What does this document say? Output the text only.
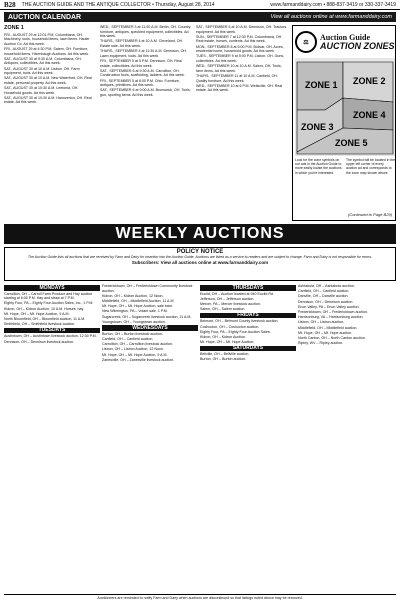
B28 THE AUCTION GUIDE AND THE ANTIQUE COLLECTOR • Thursday, August 28, 2014	www.farmanddairy.com • 888-837-3419 or 330-337-3419
AUCTION CALENDAR	View all auctions online at www.farmanddairy.com
ZONE 1

FRI., AUGUST 29 at 12:01 P.M. Columbiana, OH. Machinery, tools, household items, lawn items. Hauler Auction Co. Ad this week.

FRI., AUGUST 29 at 4:30 P.M. Salem, OH. Furniture, household items. Hixenbaugh Auctions. Ad this week.

SAT., AUGUST 30 at 9:30 A.M. Columbiana, OH. Antiques, collectibles. Ad this week.

SAT., AUGUST 30 at 10 A.M. Lisbon, OH. Farm equipment, tools. Ad this week.

SAT., AUGUST 30 at 10 A.M. New Waterford, OH. Real estate, personal property. Ad this week.

SAT., AUGUST 30 at 10:30 A.M. Leetonia, OH. Household goods. Ad this week.

SAT., AUGUST 30 at 10:30 A.M. Hanoverton, OH. Real estate. Ad this week.

WED., SEPTEMBER 3 at 11:00 A.M. Berlin, OH. Country furniture, antiques, speckled equipment, collectibles. Ad this week.

THURS., SEPTEMBER 4 at 10 A.M. Cleveland, OH. Estate sale. Ad this week.

THURS., SEPTEMBER 4 at 11:30 A.M. Dennison, OH. Lawn equipment, tools. Ad this week.

FRI., SEPTEMBER 5 at 5 P.M. Dennison, OH. Real estate, collectibles. Ad this week.

SAT., SEPTEMBER 6 at 9:30 A.M. Carrollton, OH. Construction tools, scaffolding, ladders. Ad this week.

FRI., SEPTEMBER 5 at 6:00 P.M. Ohio. Furniture, antiques, primitives. Ad this week.

SAT., SEPTEMBER 6 at 9:00 A.M. Brunswick, OH. Tools, gun, sporting items. Ad this week.

SAT., SEPTEMBER 6 at 10 A.M. Dennison, OH. Tractors, equipment. Ad this week.

SUN., SEPTEMBER 7 at 12:30 P.M. Columbiana, OH. Real estate, horses, contents. Ad this week.

MON., SEPTEMBER 8 at 5:00 P.M. Bolivar, OH. Acres, residential home, household goods. Ad this week.

TUES., SEPTEMBER 9 at 5:00 P.M. Lisbon, OH. Guns, collectibles. Ad this week.

WED., SEPTEMBER 10 at 10 A.M. Salem, OH. Tools, farm items. Ad this week.

THURS., SEPTEMBER 11 at 10 A.M. Canfield, OH. Quality furniture. Ad this week.

WED., SEPTEMBER 10 at 6 P.M. Wellsville, OH. Real estate. Ad this week.

⚖
Auction Guide
AUCTION ZONES
ZONE 1 ZONE 2
ZONE 3
ZONE 4
ZONE 5
Look for the zone symbols on our ads in the Auction Guide to more easily locate the auctions in which you're interested.
The symbol will be located in the upper left corner of every auction ad and corresponds to the zone map shown above.
(Continued to Page B29)
WEEKLY AUCTIONS
POLICY NOTICE
The Auction Guide lists all auctions that are received by Farm and Dairy for insertion into the Auction Guide. Auctions are listed as a service to readers and are subject to change. Farm and Dairy is not responsible for errors.
Subscribers: View all auctions online at www.farmanddairy.com
MONDAYS

Carrollton, OH – Carroll Farm Produce and Hay auction starting at 6:00 P.M. Hay and straw at 7 P.M.

Eighty Four, PA – Eighty Four Auction Sales, Inc., 1 P.M.

Kidron, OH – Kidron Auction, 10 A.M. Horses, hay.

Mt. Hope, OH – Mt. Hope Auction, 9 A.M.

North Bloomfield, OH – Bloomfield auction, 11 A.M.

Smithfield, OH – Smithfield livestock auction.

TUESDAYS

Austintown, OH – Austintown livestock auction, 12:30 P.M.

Dennison, OH – Dennison livestock auction.

Fredericktown, OH – Fredericktown Community livestock auction.

Kidron, OH – Kidron Auction, 12 Noon.

Middlefield, OH – Middlefield Auction, 11 A.M.

Mt. Hope, OH – Mt. Hope Auction, sale barn.

New Wilmington, PA – Volant sale, 1 P.M.

Sugarcreek, OH – Sugarcreek livestock auction, 11 A.M.

Youngstown, OH – Youngstown auction.

WEDNESDAYS

Burton, OH – Burton livestock auction.

Canfield, OH – Canfield auction.

Carrollton, OH – Carrollton livestock auction.

Lisbon, OH – Lisbon Auction, 12 Noon.

Mt. Hope, OH – Mt. Hope Auction, 9 A.M.

Zanesville, OH – Zanesville livestock auction.

THURSDAYS

Euclid, OH – Auction located at 940 Euclid Rd.

Jefferson, OH – Jefferson auction.

Mercer, PA – Mercer livestock auction.

Salem, OH – Salem auction.

FRIDAYS

Belmont, OH – Belmont County livestock auction.

Coshocton, OH – Coshocton auction.

Eighty Four, PA – Eighty Four Auction Sales.

Kidron, OH – Kidron Auction.

Mt. Hope, OH – Mt. Hope Auction.

SATURDAYS

Bellville, OH – Bellville auction.

Burton, OH – Burton auction.

Ashtabula, OH – Ashtabula auction.

Canfield, OH – Canfield auction.

Danville, OH – Danville auction.

Dennison, OH – Dennison auction.

Enon Valley, PA – Enon Valley auction.

Fredericktown, OH – Fredericktown auction.

Harrisonburg, VA – Harrisonburg auction.

Lisbon, OH – Lisbon auction.

Middlefield, OH – Middlefield auction.

Mt. Hope, OH – Mt. Hope auction.

North Canton, OH – North Canton auction.

Ripley, WV – Ripley auction.

Auctioneers are reminded to notify Farm and Dairy when auctions are discontinued so that listings noted above may be removed.
